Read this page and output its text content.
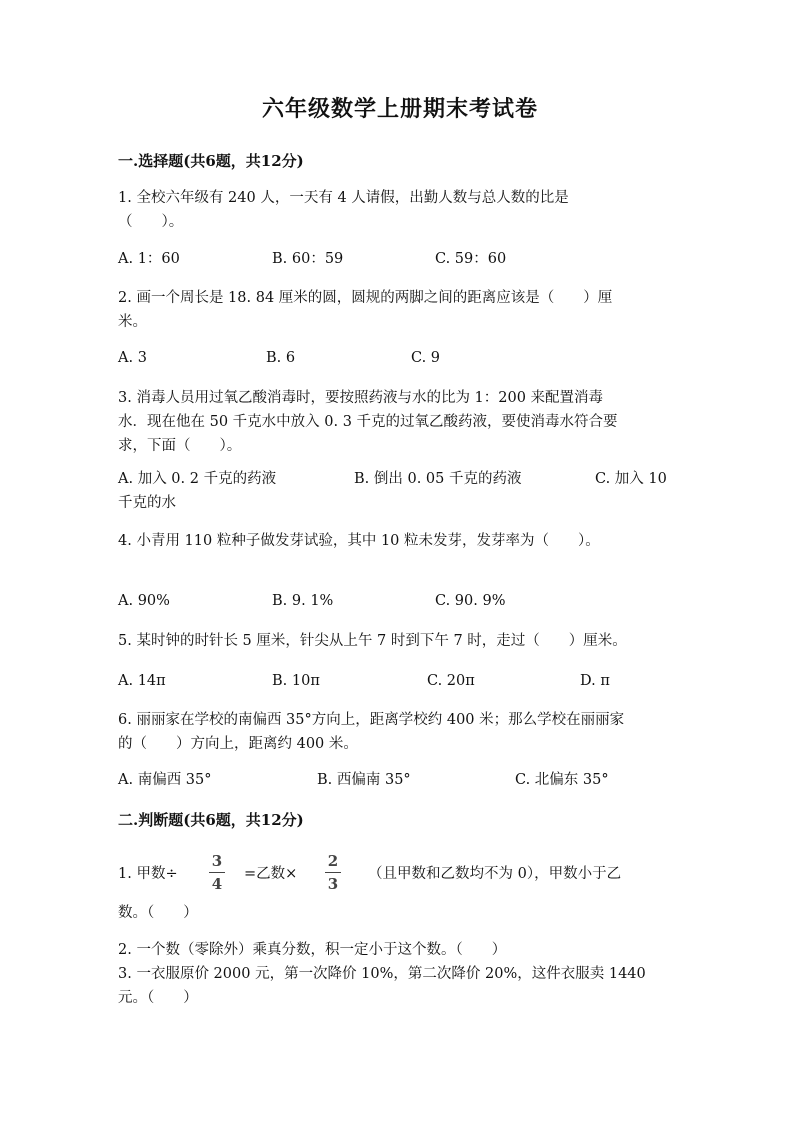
六年级数学上册期末考试卷
一.选择题(共6题，共12分)
1. 全校六年级有 240 人，一天有 4 人请假，出勤人数与总人数的比是
（　　）。
A. 1：60	B. 60：59	C. 59：60
2. 画一个周长是 18. 84 厘米的圆，圆规的两脚之间的距离应该是（　　）厘
米。
A. 3	B. 6	C. 9
3. 消毒人员用过氧乙酸消毒时，要按照药液与水的比为 1：200 来配置消毒
水．现在他在 50 千克水中放入 0. 3 千克的过氧乙酸药液，要使消毒水符合要
求，下面（　　）。
A. 加入 0. 2 千克的药液	B. 倒出 0. 05 千克的药液	C. 加入 10
千克的水
4. 小青用 110 粒种子做发芽试验，其中 10 粒未发芽，发芽率为（　　）。
A. 90%	B. 9. 1%	C. 90. 9%
5. 某时钟的时针长 5 厘米，针尖从上午 7 时到下午 7 时，走过（　　）厘米。
A. 14π	B. 10π	C. 20π	D. π
6. 丽丽家在学校的南偏西 35°方向上，距离学校约 400 米；那么学校在丽丽家
的（　　）方向上，距离约 400 米。
A. 南偏西 35°	B. 西偏南 35°	C. 北偏东 35°
二.判断题(共6题，共12分)
1. 甲数÷
3
4
=乙数×
2
3
（且甲数和乙数均不为 0），甲数小于乙
数。（　　）
2. 一个数（零除外）乘真分数，积一定小于这个数。（　　）
3. 一衣服原价 2000 元，第一次降价 10%，第二次降价 20%，这件衣服卖 1440
元。（　　）
